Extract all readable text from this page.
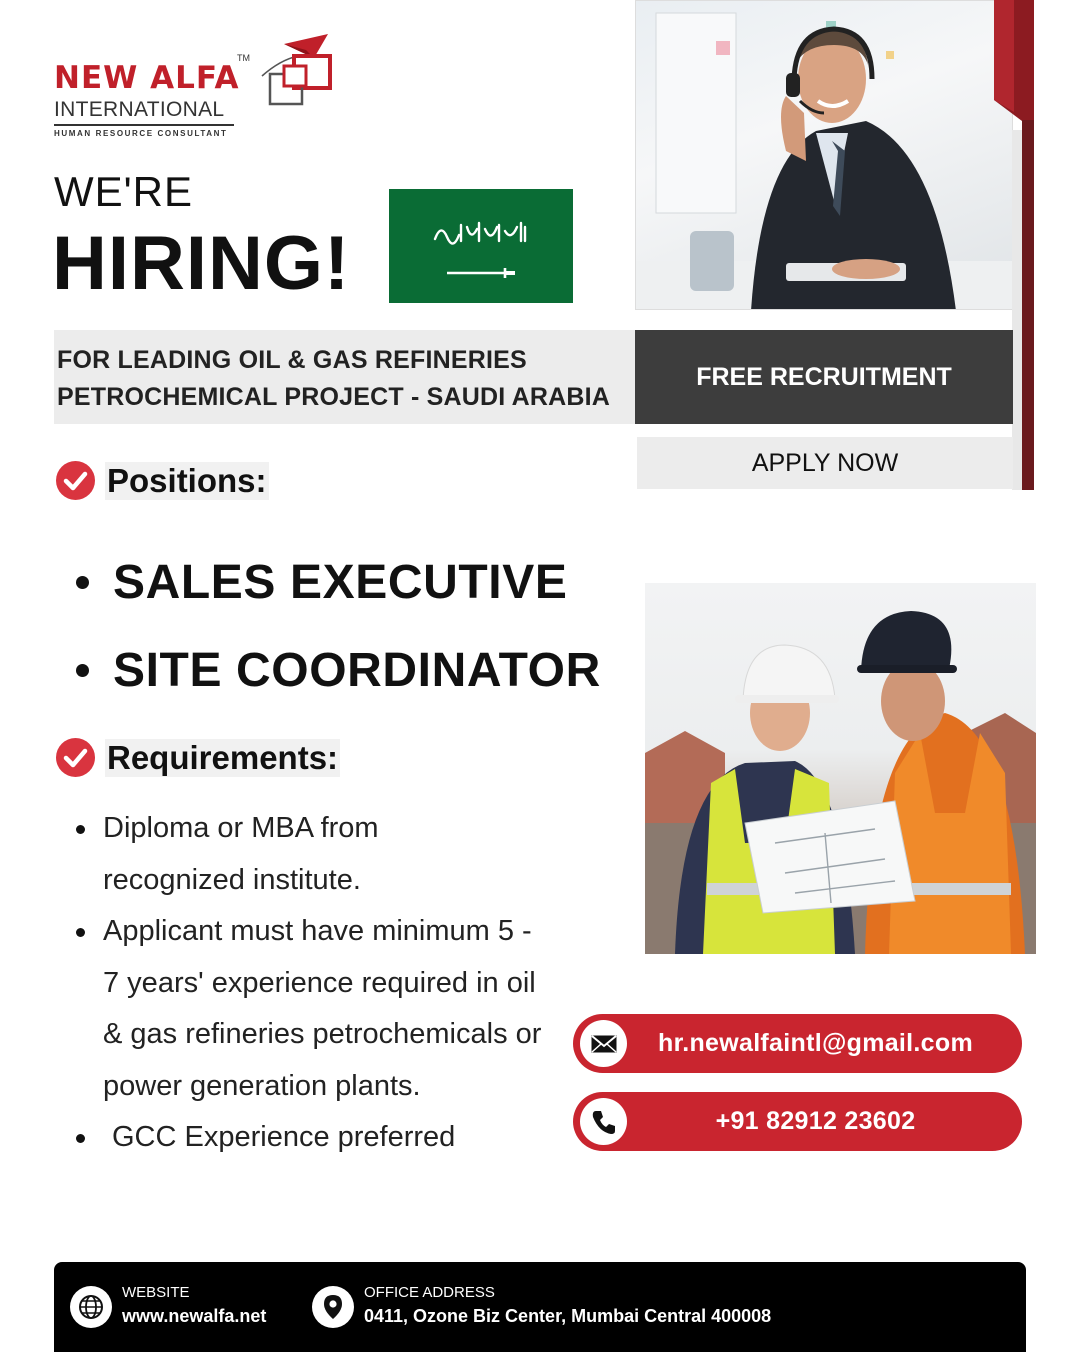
NEW ALFA
TM
INTERNATIONAL
HUMAN RESOURCE CONSULTANT
WE'RE
HIRING!
FOR LEADING OIL & GAS REFINERIES
PETROCHEMICAL PROJECT - SAUDI ARABIA
FREE RECRUITMENT
APPLY NOW
Positions:
SALES EXECUTIVE
SITE COORDINATOR
Requirements:
Diploma or MBA from recognized institute.
Applicant must have minimum 5 - 7 years' experience required in oil & gas refineries petrochemicals or power generation plants.
GCC Experience preferred
hr.newalfaintl@gmail.com
+91 82912 23602
WEBSITE
www.newalfa.net
OFFICE ADDRESS
0411, Ozone Biz Center, Mumbai Central 400008
